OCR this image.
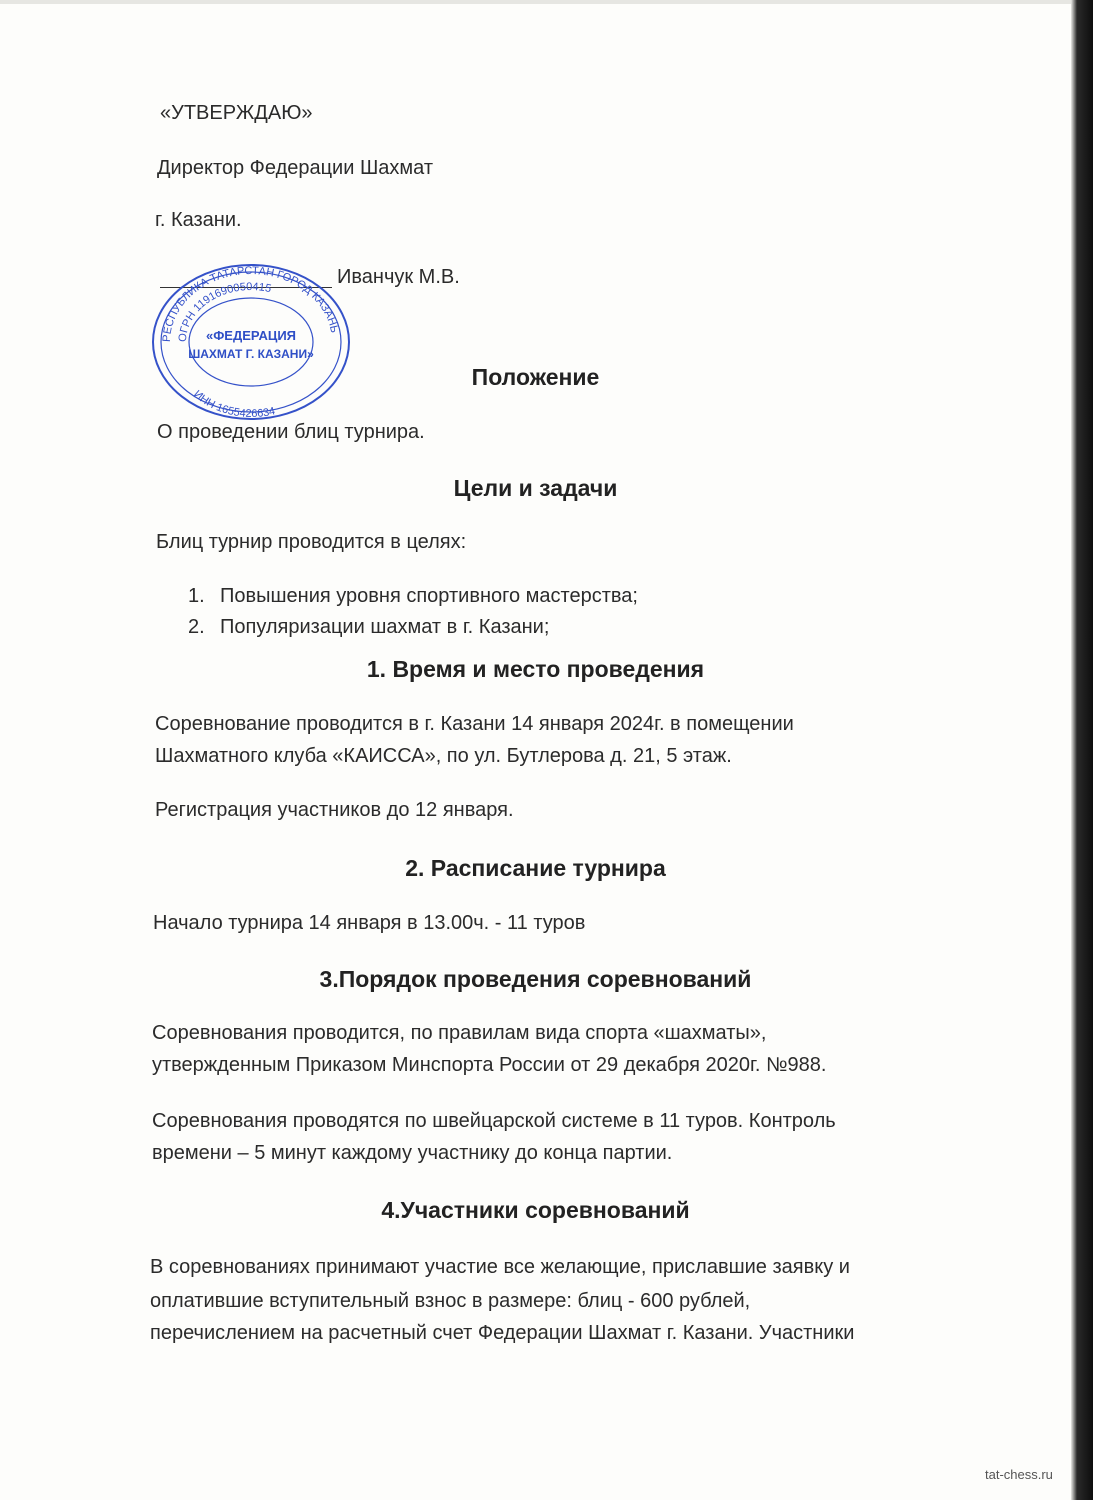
«УТВЕРЖДАЮ»
Директор Федерации Шахмат
г. Казани.
Иванчук М.В.
РЕСПУБЛИКА ТАТАРСТАН ГОРОД КАЗАНЬ
ОГРН 1191690050415
ИНН 1655426634
«ФЕДЕРАЦИЯ
ШАХМАТ Г. КАЗАНИ»
Положение
О проведении блиц турнира.
Цели и задачи
Блиц турнир проводится в целях:
1. Повышения уровня спортивного мастерства;
2. Популяризации шахмат в г. Казани;
1. Время и место проведения
Соревнование проводится в г. Казани 14 января 2024г. в помещении
Шахматного клуба «КАИССА», по ул. Бутлерова д. 21, 5 этаж.
Регистрация участников до 12 января.
2. Расписание турнира
Начало турнира 14 января в 13.00ч. - 11 туров
3.Порядок проведения соревнований
Соревнования проводится, по правилам вида спорта «шахматы»,
утвержденным Приказом Минспорта России от 29 декабря 2020г. №988.
Соревнования проводятся по швейцарской системе в 11 туров. Контроль
времени – 5 минут каждому участнику до конца партии.
4.Участники соревнований
В соревнованиях принимают участие все желающие, приславшие заявку и
оплатившие вступительный взнос в размере: блиц - 600 рублей,
перечислением на расчетный счет Федерации Шахмат г. Казани. Участники
tat-chess.ru
